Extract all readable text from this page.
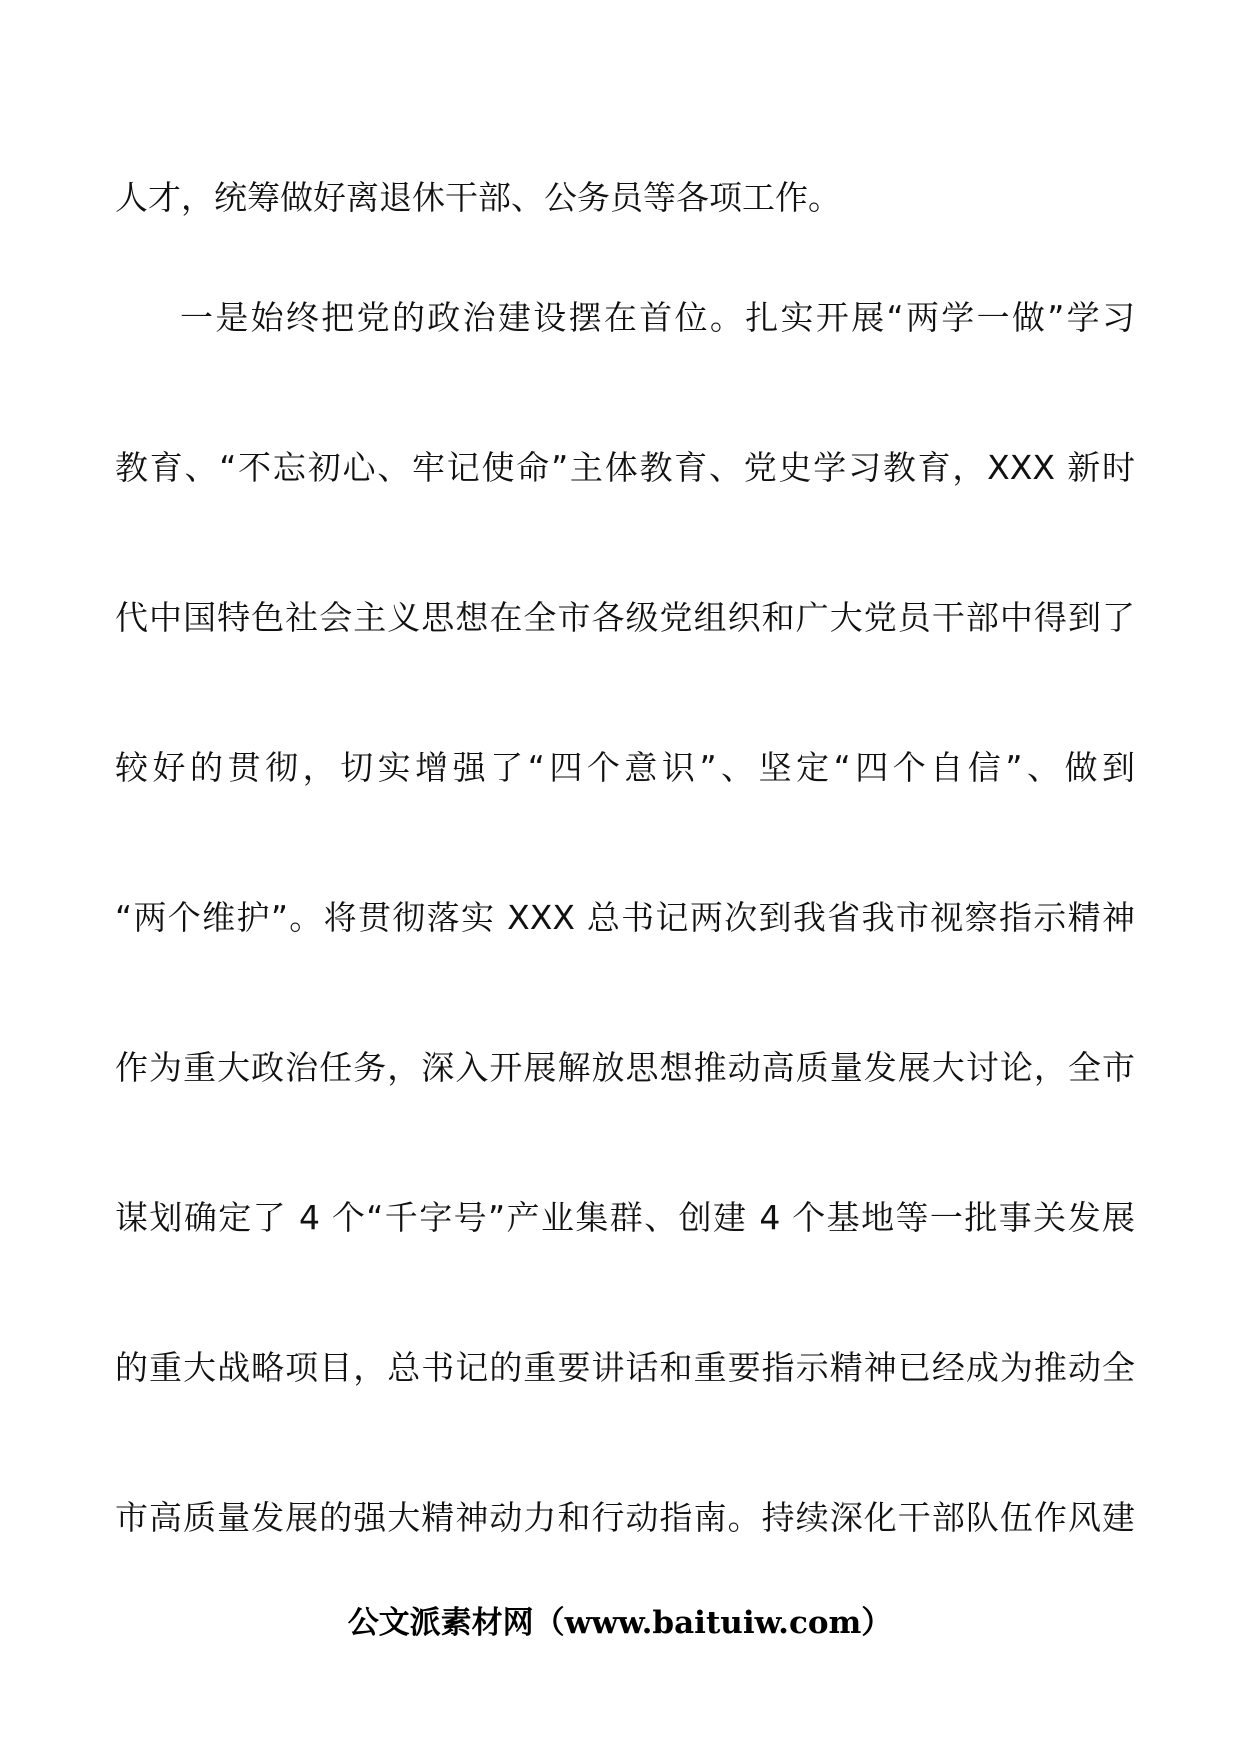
人才，统筹做好离退休干部、公务员等各项工作。
一是始终把党的政治建设摆在首位。扎实开展“两学一做”学习
教育、“不忘初心、牢记使命”主体教育、党史学习教育，XXX 新时
代中国特色社会主义思想在全市各级党组织和广大党员干部中得到了
较好的贯彻，切实增强了“四个意识”、坚定“四个自信”、做到
“两个维护”。将贯彻落实 XXX 总书记两次到我省我市视察指示精神
作为重大政治任务，深入开展解放思想推动高质量发展大讨论，全市
谋划确定了 4 个“千字号”产业集群、创建 4 个基地等一批事关发展
的重大战略项目，总书记的重要讲话和重要指示精神已经成为推动全
市高质量发展的强大精神动力和行动指南。持续深化干部队伍作风建
公文派素材网（www.baituiw.com）
